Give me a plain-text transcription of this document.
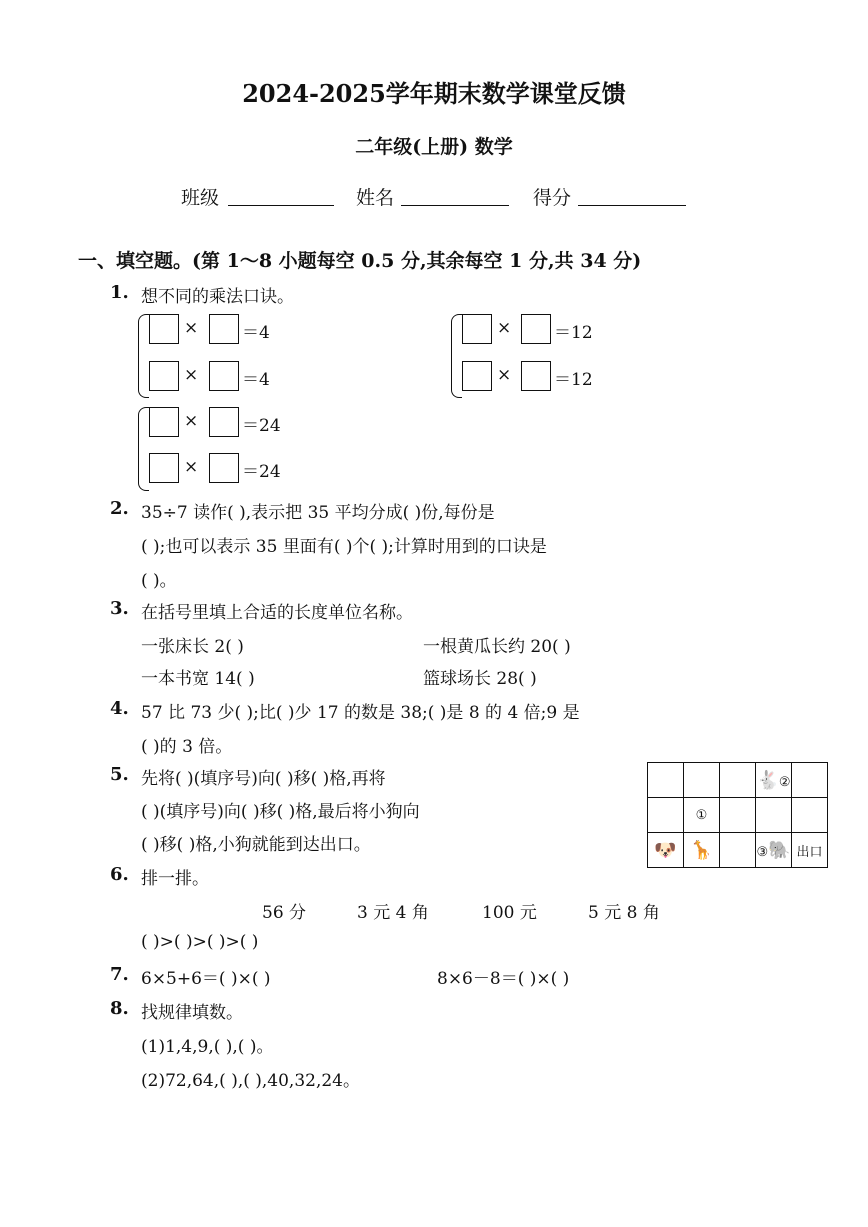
2024-2025学年期末数学课堂反馈
二年级(上册) 数学
班级	姓名	得分
一、填空题。(第 1～8 小题每空 0.5 分,其余每空 1 分,共 34 分)
1. 想不同的乘法口诀。
×	＝4
×	＝4
×	＝12
×	＝12
×	＝24
×	＝24
2. 35÷7 读作( ),表示把 35 平均分成( )份,每份是
( );也可以表示 35 里面有( )个( );计算时用到的口诀是
( )。
3. 在括号里填上合适的长度单位名称。
一张床长 2( )	一根黄瓜长约 20( )
一本书宽 14( )	篮球场长 28( )
4. 57 比 73 少( );比( )少 17 的数是 38;( )是 8 的 4 倍;9 是
( )的 3 倍。
5. 先将( )(填序号)向( )移( )格,再将
( )(填序号)向( )移( )格,最后将小狗向
( )移( )格,小狗就能到达出口。
			🐇②	
	①			
🐶	🦒		③🐘	出口
6. 排一排。
56 分	3 元 4 角	100 元	5 元 8 角
( )>( )>( )>( )
7. 6×5+6＝( )×( )	8×6－8＝( )×( )
8. 找规律填数。
(1)1,4,9,( ),( )。
(2)72,64,( ),( ),40,32,24。
